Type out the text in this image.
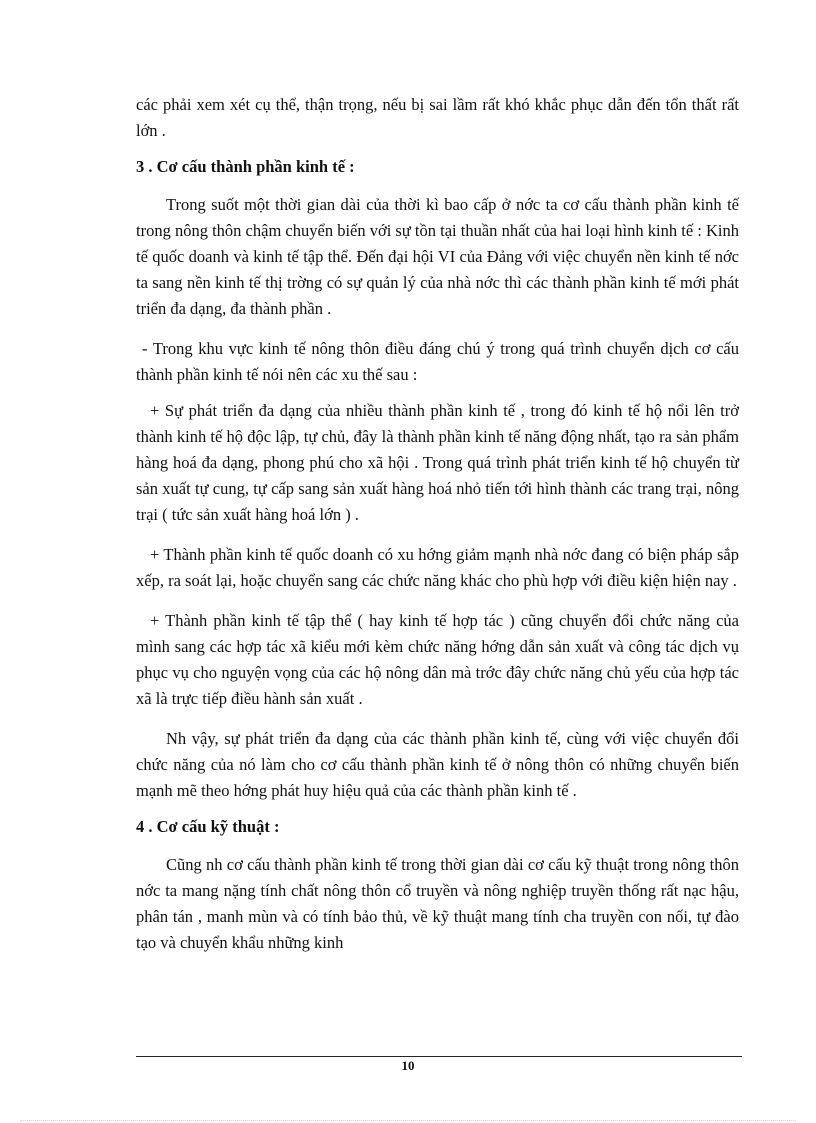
các phải xem xét cụ thể, thận trọng, nếu bị sai lầm rất khó khắc phục dẫn đến tổn thất rất lớn .

3 . Cơ cấu thành phần kinh tế :

Trong suốt một thời gian dài của thời kì bao cấp ở nớc ta cơ cấu thành phần kinh tế trong nông thôn chậm chuyển biến với sự tồn tại thuần nhất của hai loại hình kinh tế : Kinh tế quốc doanh và kinh tế tập thể. Đến đại hội VI của Đảng với việc chuyển nền kinh tế nớc ta sang nền kinh tế thị trờng có sự quản lý của nhà nớc thì các thành phần kinh tế mới phát triển đa dạng, đa thành phần .

- Trong khu vực kinh tế nông thôn điều đáng chú ý trong quá trình chuyển dịch cơ cấu thành phần kinh tế nói nên các xu thế sau :

+ Sự phát triển đa dạng của nhiều thành phần kinh tế , trong đó kinh tế hộ nổi lên trở thành kinh tế hộ độc lập, tự chủ, đây là thành phần kinh tế năng động nhất, tạo ra sản phẩm hàng hoá đa dạng, phong phú cho xã hội . Trong quá trình phát triển kinh tế hộ chuyển từ sản xuất tự cung, tự cấp sang sản xuất hàng hoá nhỏ tiến tới hình thành các trang trại, nông trại ( tức sản xuất hàng hoá lớn ) .

+ Thành phần kinh tế quốc doanh có xu hớng giảm mạnh nhà nớc đang có biện pháp sắp xếp, ra soát lại, hoặc chuyển sang các chức năng khác cho phù hợp với điều kiện hiện nay .

+ Thành phần kinh tế tập thể ( hay kinh tế hợp tác ) cũng chuyển đổi chức năng của mình sang các hợp tác xã kiểu mới kèm chức năng hớng dẫn sản xuất và công tác dịch vụ phục vụ cho nguyện vọng của các hộ nông dân mà trớc đây chức năng chủ yếu của hợp tác xã là trực tiếp điều hành sản xuất .

Nh vậy, sự phát triển đa dạng của các thành phần kinh tế, cùng với việc chuyển đổi chức năng của nó làm cho cơ cấu thành phần kinh tế ở nông thôn có những chuyển biến mạnh mẽ theo hớng phát huy hiệu quả của các thành phần kinh tế .

4 . Cơ cấu kỹ thuật :

Cũng nh cơ cấu thành phần kinh tế trong thời gian dài cơ cấu kỹ thuật trong nông thôn nớc ta mang nặng tính chất nông thôn cổ truyền và nông nghiệp truyền thống rất nạc hậu, phân tán , manh mùn và có tính bảo thủ, về kỹ thuật mang tính cha truyền con nối, tự đào tạo và chuyển khẩu những kinh

10
